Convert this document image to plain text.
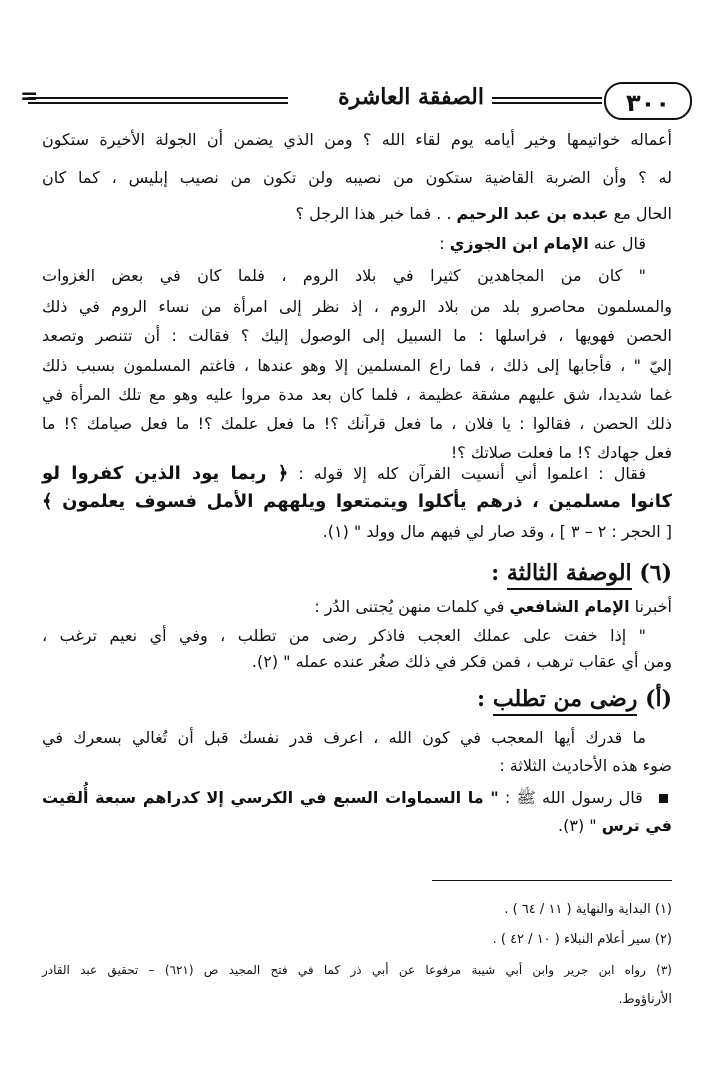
٣٠٠
الصفقة العاشرة
=
أعماله خواتيمها وخير أيامه يوم لقاء الله ؟ ومن الذي يضمن أن الجولة الأخيرة ستكون
له ؟ وأن الضربة القاضية ستكون من نصيبه ولن تكون من نصيب إبليس ، كما كان
الحال مع عبده بن عبد الرحيم . . فما خبر هذا الرجل ؟
قال عنه الإمام ابن الجوزي :
" كان من المجاهدين كثيرا في بلاد الروم ، فلما كان في بعض الغزوات
والمسلمون محاصرو بلد من بلاد الروم ، إذ نظر إلى امرأة من نساء الروم في ذلك
الحصن فهويها ، فراسلها : ما السبيل إلى الوصول إليك ؟ فقالت : أن تتنصر وتصعد
إليّ " ، فأجابها إلى ذلك ، فما راع المسلمين إلا وهو عندها ، فاغتم المسلمون بسبب ذلك
غما شديدا، شق عليهم مشقة عظيمة ، فلما كان بعد مدة مروا عليه وهو مع تلك المرأة في
ذلك الحصن ، فقالوا : يا فلان ، ما فعل قرآنك ؟! ما فعل علمك ؟! ما فعل صيامك ؟! ما
فعل جهادك ؟! ما فعلت صلاتك ؟!
فقال : اعلموا أني أنسيت القرآن كله إلا قوله : ﴿ ربما يود الذين كفروا لو
كانوا مسلمين ، ذرهم يأكلوا ويتمتعوا ويلههم الأمل فسوف يعلمون ﴾
[ الحجر : ٢ – ٣ ] ، وقد صار لي فيهم مال وولد " (١).
(٦) الوصفة الثالثة :
أخبرنا الإمام الشافعي في كلمات منهن يُجتنى الدُر :
" إذا خفت على عملك العجب فاذكر رضى من تطلب ، وفي أي نعيم ترغب ،
ومن أي عقاب ترهب ، فمن فكر في ذلك صغُر عنده عمله " (٢).
(أ) رضى من تطلب :
ما قدرك أيها المعجب في كون الله ، اعرف قدر نفسك قبل أن تُغالي بسعرك في
ضوء هذه الأحاديث الثلاثة :
قال رسول الله ﷺ : " ما السماوات السبع في الكرسي إلا كدراهم سبعة أُلقيت
في ترس " (٣).
(١) البداية والنهاية ( ١١ / ٦٤ ) .
(٢) سير أعلام النبلاء ( ١٠ / ٤٢ ) .
(٣) رواه ابن جرير وابن أبي شيبة مرفوعا عن أبي ذر كما في فتح المجيد ص (٦٢١) – تحقيق عبد القادر
الأرناؤوط.
